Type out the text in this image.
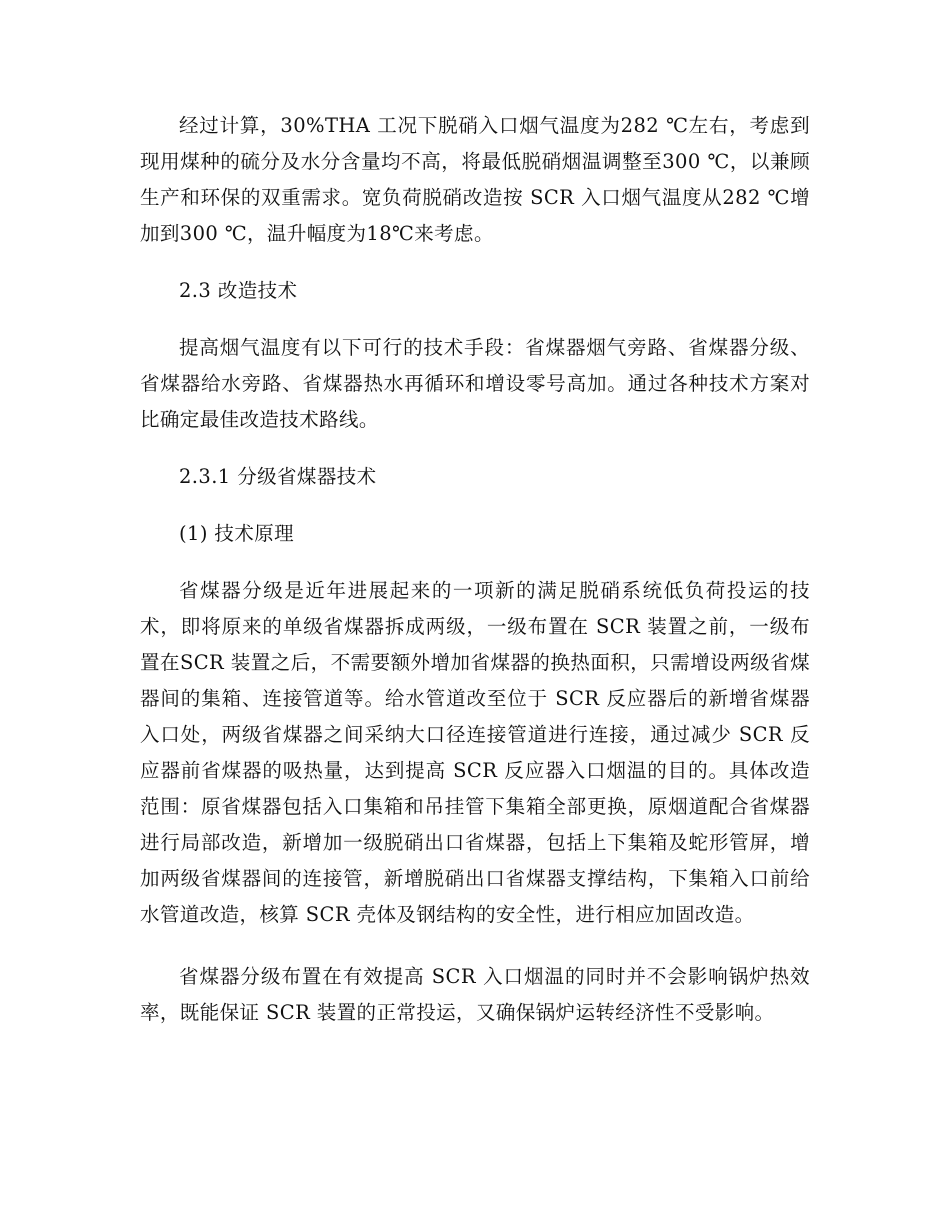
经过计算，30%THA 工况下脱硝入口烟气温度为282 ℃左右，考虑到现用煤种的硫分及水分含量均不高，将最低脱硝烟温调整至300 ℃，以兼顾生产和环保的双重需求。宽负荷脱硝改造按 SCR 入口烟气温度从282 ℃增加到300 ℃，温升幅度为18℃来考虑。

2.3 改造技术

提高烟气温度有以下可行的技术手段：省煤器烟气旁路、省煤器分级、省煤器给水旁路、省煤器热水再循环和增设零号高加。通过各种技术方案对比确定最佳改造技术路线。

2.3.1 分级省煤器技术

(1) 技术原理

省煤器分级是近年进展起来的一项新的满足脱硝系统低负荷投运的技术，即将原来的单级省煤器拆成两级，一级布置在 SCR 装置之前，一级布置在SCR 装置之后，不需要额外增加省煤器的换热面积，只需增设两级省煤器间的集箱、连接管道等。给水管道改至位于 SCR 反应器后的新增省煤器入口处，两级省煤器之间采纳大口径连接管道进行连接，通过减少 SCR 反应器前省煤器的吸热量，达到提高 SCR 反应器入口烟温的目的。具体改造范围：原省煤器包括入口集箱和吊挂管下集箱全部更换，原烟道配合省煤器进行局部改造，新增加一级脱硝出口省煤器，包括上下集箱及蛇形管屏，增加两级省煤器间的连接管，新增脱硝出口省煤器支撑结构，下集箱入口前给水管道改造，核算 SCR 壳体及钢结构的安全性，进行相应加固改造。

省煤器分级布置在有效提高 SCR 入口烟温的同时并不会影响锅炉热效率，既能保证 SCR 装置的正常投运，又确保锅炉运转经济性不受影响。
